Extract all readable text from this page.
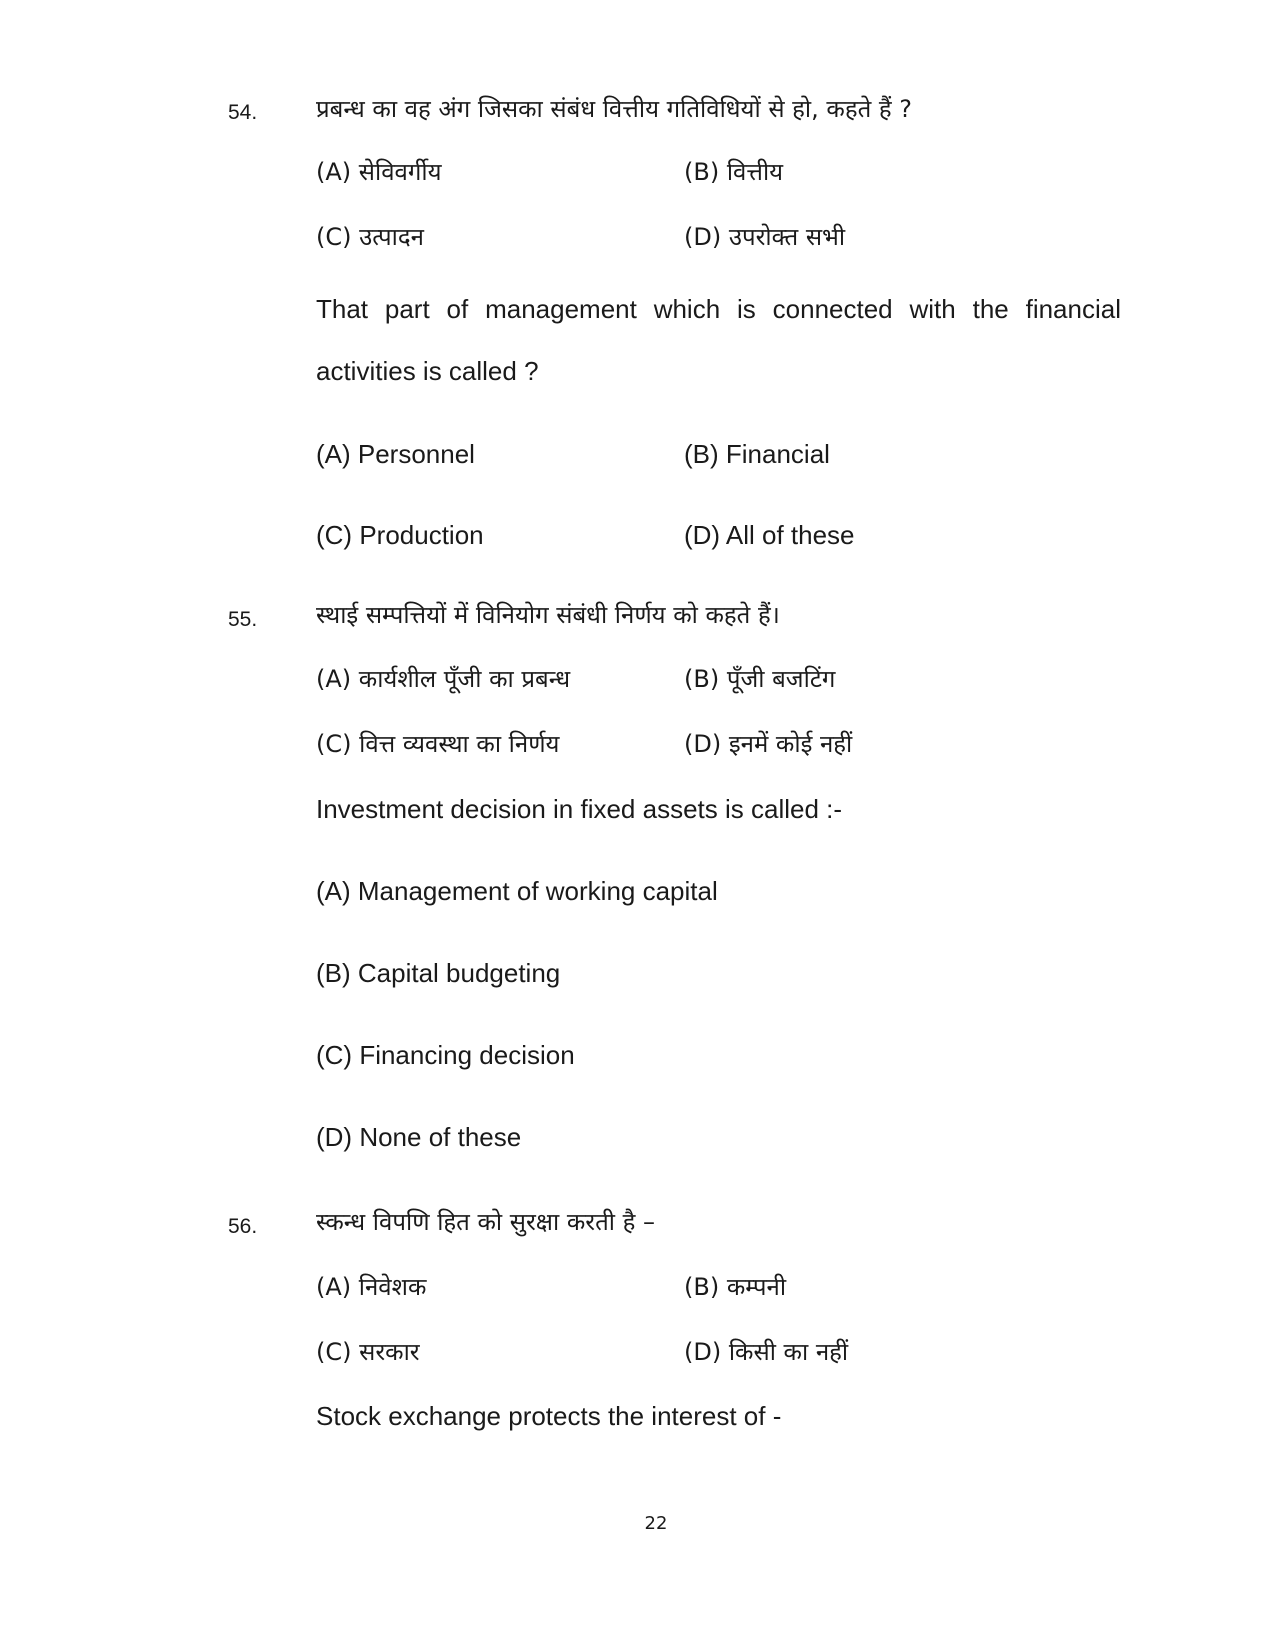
54. प्रबन्ध का वह अंग जिसका संबंध वित्तीय गतिविधियों से हो, कहते हैं ?
(A) सेविवर्गीय	(B) वित्तीय
(C) उत्पादन	(D) उपरोक्त सभी
That part of management which is connected with the financial activities is called ?
(A) Personnel	(B) Financial
(C) Production	(D) All of these
55. स्थाई सम्पत्तियों में विनियोग संबंधी निर्णय को कहते हैं।
(A) कार्यशील पूँजी का प्रबन्ध	(B) पूँजी बजटिंग
(C) वित्त व्यवस्था का निर्णय	(D) इनमें कोई नहीं
Investment decision in fixed assets is called :-
(A) Management of working capital
(B) Capital budgeting
(C) Financing decision
(D) None of these
56. स्कन्ध विपणि हित को सुरक्षा करती है –
(A) निवेशक	(B) कम्पनी
(C) सरकार	(D) किसी का नहीं
Stock exchange protects the interest of -
22
